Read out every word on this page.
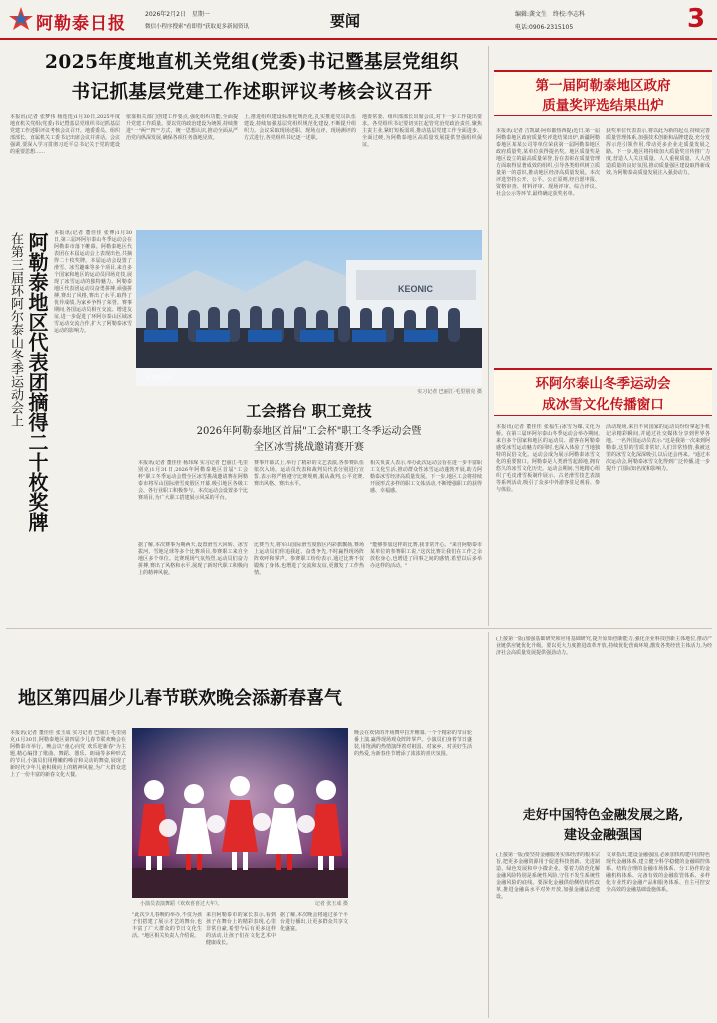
阿勒泰日报	2026年2月2日　星期一
微信小程序搜索"看即得"获取更多新闻资讯	要闻	编辑:龚文生　终校:李志科
电话:0906-2315105	3
2025年度地直机关党组(党委)书记暨基层党组织
书记抓基层党建工作述职评议考核会议召开
本报讯(记者 张梦伟 杨莲莲)1月30日,2025年度地直机关党组(党委)书记暨基层党组织书记抓基层党建工作述职评议考核会议召开。地委委员、组织部部长、直属机关工委书记出席会议并讲话。会议强调,要深入学习贯彻习近平总书记关于党的建设的重要思想……
依靠相关部门创建工作要点,强化组织功能,全面提升党建工作质量。要以党的政治建设为统领,持续推进"一"两""四""方式，统一思想认识,推动全面从严治党向纵深发展,确保各项任务落地见效。
上,推进组织建设标准化规范化,扎实推进党员队伍建设,持续加强基层党组织规范化建设,不断提升组织力。会议采取现场述职、现场点评、现场测评的方式进行,各党组织书记逐一述职。
地委常委、组织部部长出席会议,对下一步工作提出要求。各党组织书记要切实扛起管党治党政治责任,聚焦主责主业,紧盯短板弱项,推动基层党建工作全面进步、全面过硬,为阿勒泰地区高质量发展提供坚强组织保证。
阿勒泰地区代表团摘得二十枚奖牌
在第三届环阿尔泰山冬季运动会上	本报讯(记者 董佳佳 张博)1月30日,第三届环阿尔泰山冬季运动会在阿勒泰市落下帷幕。阿勒泰地区代表团在本届运动会上表现出色,共摘得二十枚奖牌。本届运动会设置了滑雪、冰雪趣味等多个项目,来自多个国家和地区的运动员同场竞技,展现了冰雪运动的独特魅力。阿勒泰地区代表团运动员奋勇拼搏,顽强拼搏,赛出了风格,赛出了水平,取得了优异成绩,为家乡争得了荣誉。赛事期间,各国运动员相互交流、增进友谊,进一步促进了环阿尔泰山区域冰雪运动交流合作,扩大了阿勒泰冰雪运动的影响力。
KEONIC
代表队合影。
实习记者 巴丽江·毛里别克 摄
工会搭台 职工竞技
2026年阿勒泰地区首届"工会杯"职工冬季运动会暨
全区冰雪挑战邀请赛开赛
本报讯(记者 董佳佳 杨玮琛 实习记者 巴丽江·毛里别克)1月31日,2026年阿勒泰地区首届"工会杯"职工冬季运动会暨全区冰雪挑战邀请赛在阿勒泰市将军山国际滑雪度假区开幕,吸引地区各级工会、各行业职工积极参与。本次运动会设置多个比赛项目,为广大职工搭建展示风采的平台。
据了解,本次赛事为期两天,设置滑雪大回转、冰雪拔河、雪地足球等多个比赛项目,参赛职工来自全地区多个单位。比赛现场气氛热烈,运动员们奋力拼搏,赛出了风格和水平,展现了新时代职工积极向上的精神风貌。
赛事开幕式上,举行了精彩的文艺表演,各参赛队伍依次入场。运动员代表和裁判员代表分别进行宣誓,表示将严格遵守比赛规则,服从裁判,公平竞赛,赛出风格、赛出水平。
比赛当天,将军山国际滑雪度假区内彩旗飘扬,赛场上运动员们你追我赶、奋勇争先,不时赢得现场阵阵欢呼和掌声。参赛职工纷纷表示,通过比赛不仅锻炼了身体,也增进了交流和友谊,更激发了工作热情。
相关负责人表示,举办此次运动会旨在进一步丰富职工文化生活,推动群众性冰雪运动蓬勃开展,助力阿勒泰冰雪经济高质量发展。下一步,地区工会将持续开展形式多样的职工文体活动,不断增强职工的获得感、幸福感。
"能够参加这样的比赛,我非常开心。"来自阿勒泰市某单位的参赛职工说,"这次比赛让我们在工作之余放松身心,也增进了同事之间的感情,希望以后多举办这样的活动。"
第一届阿勒泰地区政府
质量奖评选结果出炉
本报讯(记者 吉凯斌·阿布都热西提)近日,第一届阿勒泰地区政府质量奖评选结果出炉,新疆阿勒泰地区某某公司等单位荣获第一届阿勒泰地区政府质量奖,某单位获得提名奖。地区质量奖是地区设立的最高质量荣誉,旨在表彰在质量管理方面取得显著成效的组织,引导各类组织树立质量第一的意识,推动地区经济高质量发展。本次评选坚持公开、公平、公正原则,经自愿申报、资格审查、材料评审、现场评审、综合评议、社会公示等环节,最终确定获奖名单。
获奖单位代表表示,将以此为新的起点,持续完善质量管理体系,加强技术创新和品牌建设,充分发挥示范引领作用,带动更多企业走质量发展之路。下一步,地区将持续加大质量奖宣传推广力度,营造人人关注质量、人人重视质量、人人创造质量的良好氛围,推动质量强区建设取得新成效,为阿勒泰高质量发展注入强劲动力。
环阿尔泰山冬季运动会
成冰雪文化传播窗口
本报讯(记者 董佳佳 张福生)冰雪为媒,文化为桥。在第三届环阿尔泰山冬季运动会举办期间,来自多个国家和地区的运动员、游客在阿勒泰感受冰雪运动魅力的同时,也深入体验了当地独特的民俗文化。运动会成为展示阿勒泰冰雪文化的重要窗口。阿勒泰是人类滑雪起源地,拥有悠久的冰雪文化历史。运动会期间,当地精心组织了毛皮滑雪板制作展示、古老滑雪技艺表演等系列活动,吸引了众多中外游客驻足观看、参与体验。
活动现场,来自不同国家的运动员纷纷拿起手机记录精彩瞬间,并通过社交媒体分享到世界各地。一名外国运动员表示:"这是我第一次来到阿勒泰,这里的雪质非常好,人们非常热情,我被这里的冰雪文化深深吸引,以后还会再来。"通过本次运动会,阿勒泰冰雪文化得到广泛传播,进一步提升了国际知名度和影响力。
地区第四届少儿春节联欢晚会添新春喜气
本报讯(记者 董佳佳 张玉成 实习记者 巴丽江·毛里别克)1月30日,阿勒泰地区第四届少儿春节联欢晚会在阿勒泰市举行。晚会以"童心向党 欢乐迎新春"为主题,精心编排了歌曲、舞蹈、器乐、朗诵等多种形式的节目,小演员们用稚嫩的嗓音和灵动的舞姿,展现了新时代少年儿童积极向上的精神风貌,为广大群众送上了一份丰富的新春文化大餐。
小演员表演舞蹈《欢欢喜喜过大年》。	记者 张玉成 摄
晚会在欢快的开场舞中拉开帷幕,一个个精彩的节目轮番上演,赢得现场观众阵阵掌声。小演员们身着节日盛装,用饱满的热情演绎着对祖国、对家乡、对美好生活的热爱,为新春佳节增添了浓浓的喜庆氛围。
"此次少儿春晚的举办,不仅为孩子们搭建了展示才艺的舞台,也丰富了广大群众的节日文化生活。"地区相关负责人介绍说。
来自阿勒泰市的家长表示,看到孩子在舞台上的精彩表现,心里非常自豪,希望今后有更多这样的活动,让孩子们在文化艺术中健康成长。
据了解,本次晚会将通过多个平台进行播出,让更多群众共享文化盛宴。
(上接第一版)加强基础研究和应用基础研究,提升原始创新能力,强化企业科技创新主体地位,推动产业链供应链优化升级。要以更大力度推进改革开放,持续优化营商环境,激发各类经营主体活力,为经济社会高质量发展提供强劲动力。
走好中国特色金融发展之路,
建设金融强国
(上接第一版)要坚持金融服务实体经济的根本宗旨,把更多金融资源用于促进科技创新、先进制造、绿色发展和中小微企业。要着力防范化解金融风险特别是系统性风险,守住不发生系统性金融风险的底线。要深化金融供给侧结构性改革,推进金融高水平对外开放,加强金融法治建设。
文章指出,建设金融强国,必须加快构建中国特色现代金融体系,建立健全科学稳健的金融调控体系、结构合理的金融市场体系、分工协作的金融机构体系、完备有效的金融监管体系、多样化专业性的金融产品和服务体系、自主可控安全高效的金融基础设施体系。
